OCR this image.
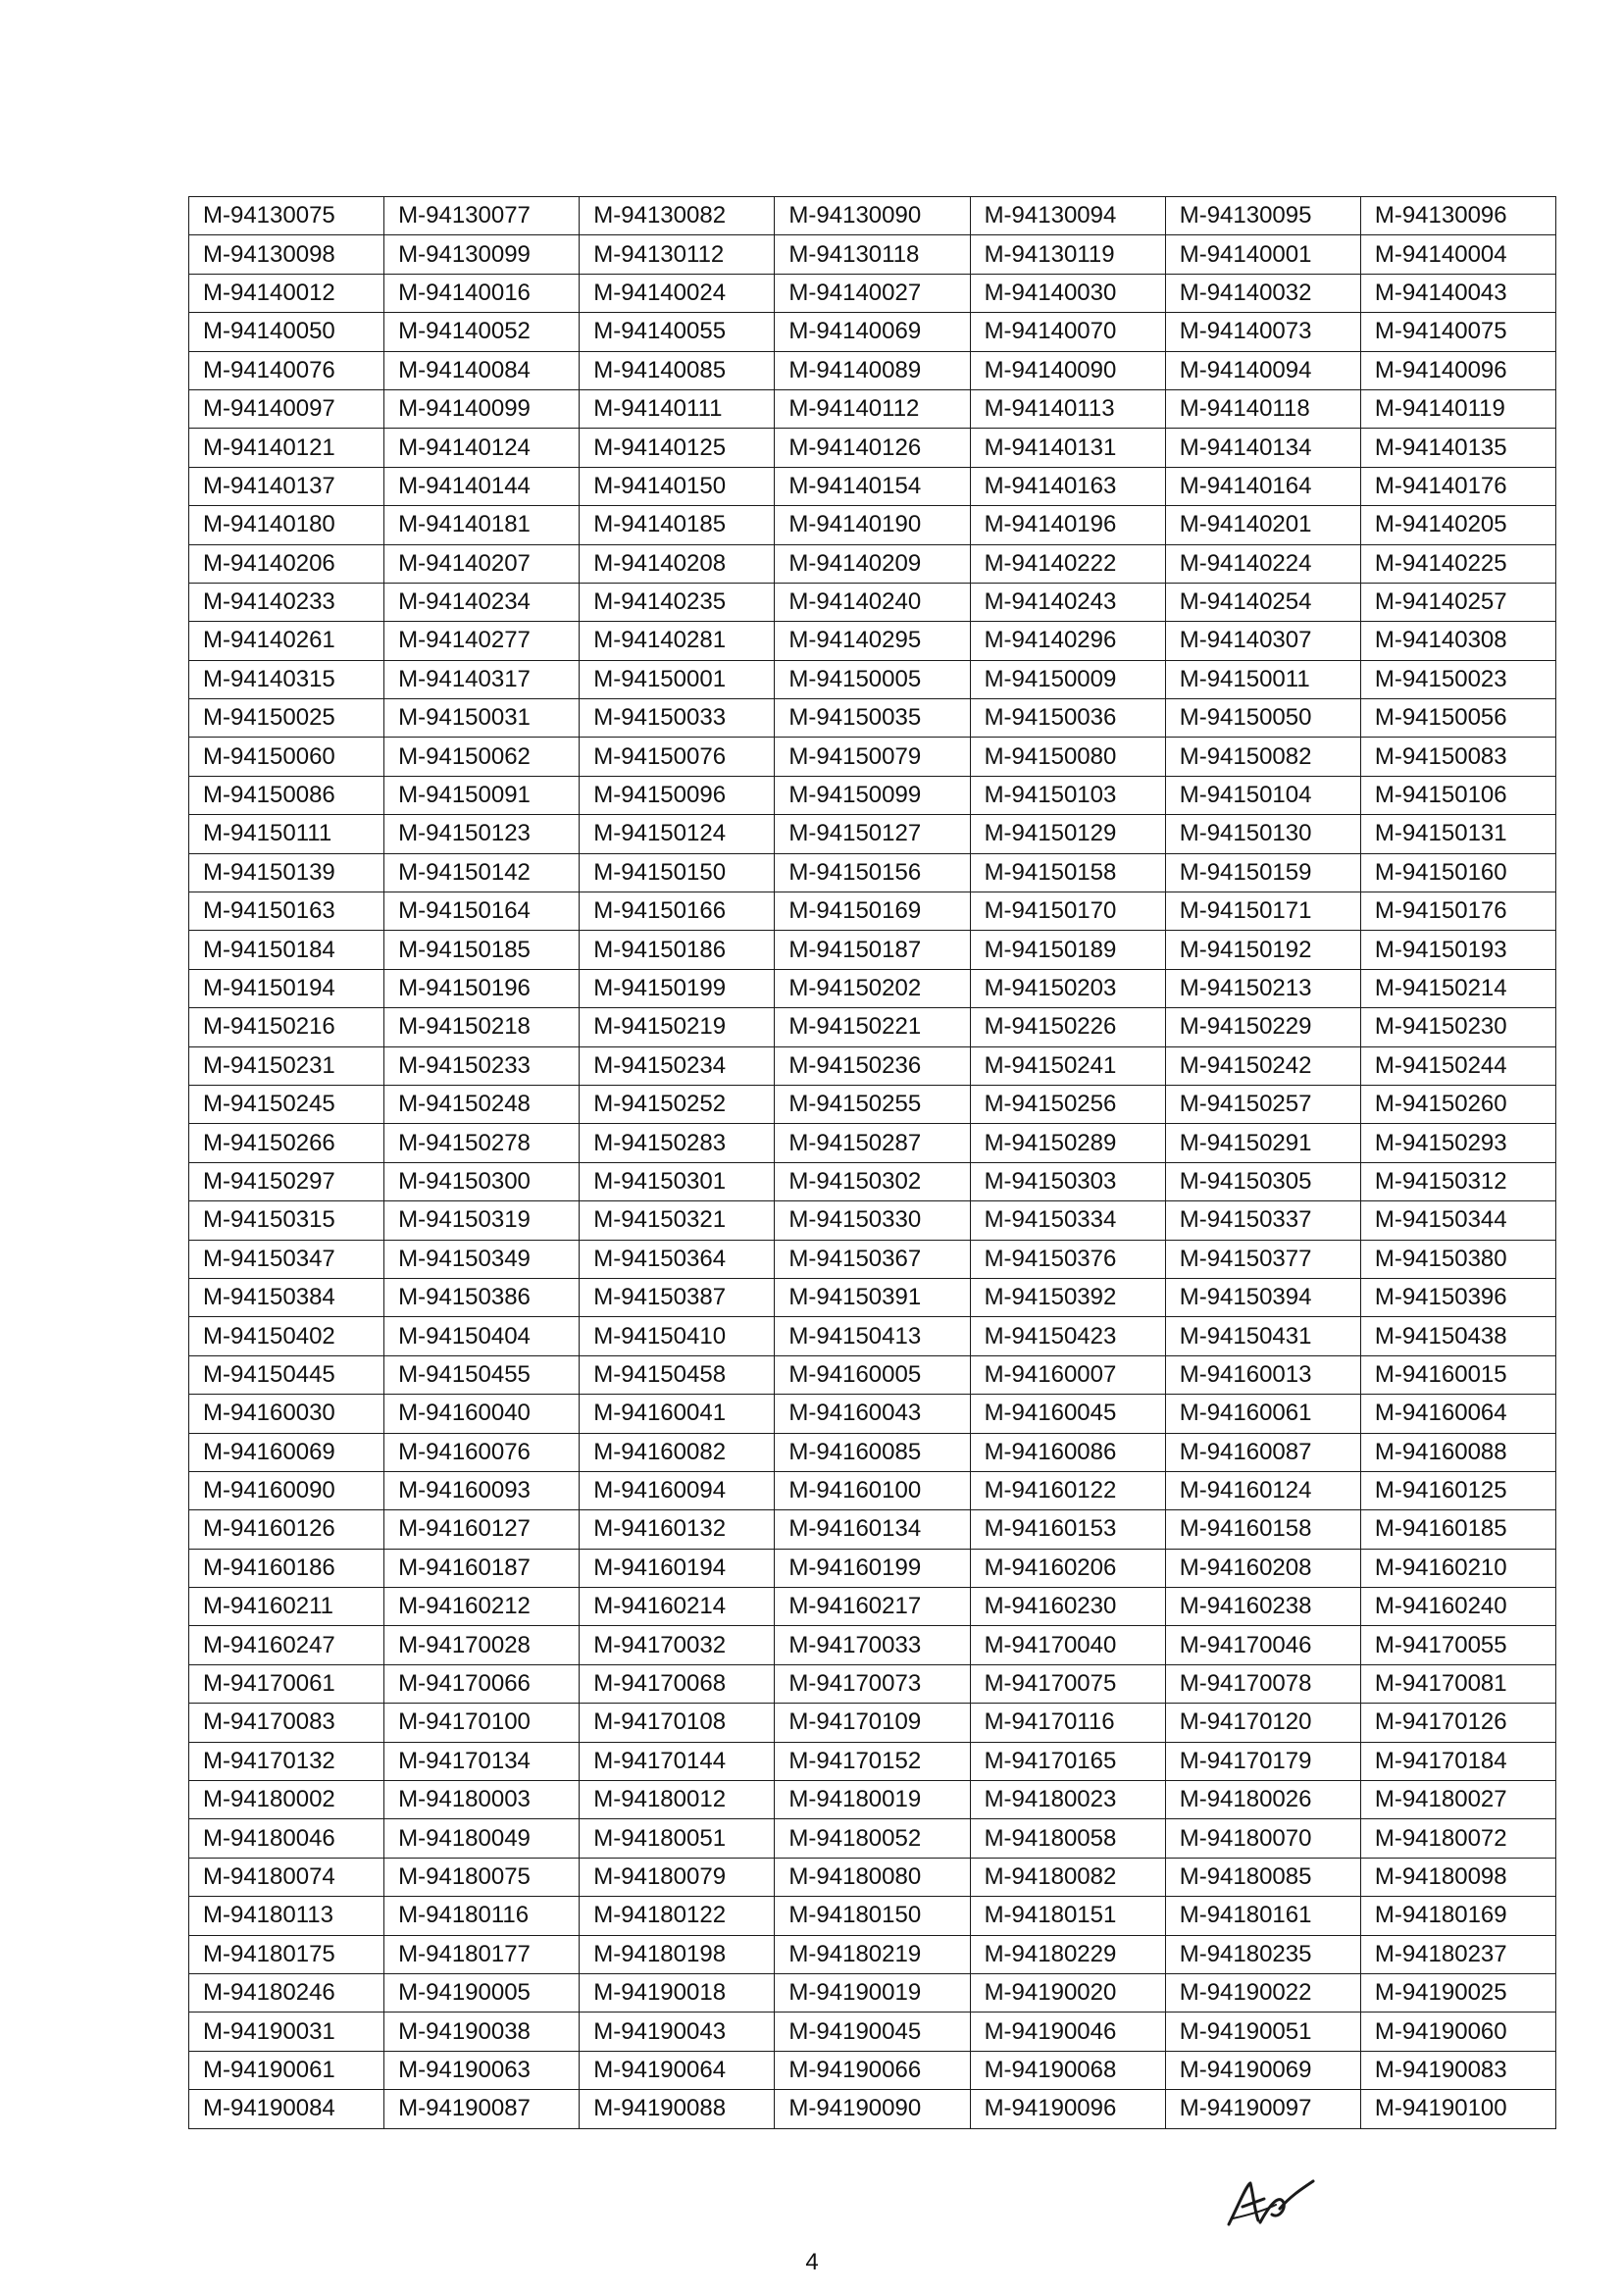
M-94130075	M-94130077	M-94130082	M-94130090	M-94130094	M-94130095	M-94130096
M-94130098	M-94130099	M-94130112	M-94130118	M-94130119	M-94140001	M-94140004
M-94140012	M-94140016	M-94140024	M-94140027	M-94140030	M-94140032	M-94140043
M-94140050	M-94140052	M-94140055	M-94140069	M-94140070	M-94140073	M-94140075
M-94140076	M-94140084	M-94140085	M-94140089	M-94140090	M-94140094	M-94140096
M-94140097	M-94140099	M-94140111	M-94140112	M-94140113	M-94140118	M-94140119
M-94140121	M-94140124	M-94140125	M-94140126	M-94140131	M-94140134	M-94140135
M-94140137	M-94140144	M-94140150	M-94140154	M-94140163	M-94140164	M-94140176
M-94140180	M-94140181	M-94140185	M-94140190	M-94140196	M-94140201	M-94140205
M-94140206	M-94140207	M-94140208	M-94140209	M-94140222	M-94140224	M-94140225
M-94140233	M-94140234	M-94140235	M-94140240	M-94140243	M-94140254	M-94140257
M-94140261	M-94140277	M-94140281	M-94140295	M-94140296	M-94140307	M-94140308
M-94140315	M-94140317	M-94150001	M-94150005	M-94150009	M-94150011	M-94150023
M-94150025	M-94150031	M-94150033	M-94150035	M-94150036	M-94150050	M-94150056
M-94150060	M-94150062	M-94150076	M-94150079	M-94150080	M-94150082	M-94150083
M-94150086	M-94150091	M-94150096	M-94150099	M-94150103	M-94150104	M-94150106
M-94150111	M-94150123	M-94150124	M-94150127	M-94150129	M-94150130	M-94150131
M-94150139	M-94150142	M-94150150	M-94150156	M-94150158	M-94150159	M-94150160
M-94150163	M-94150164	M-94150166	M-94150169	M-94150170	M-94150171	M-94150176
M-94150184	M-94150185	M-94150186	M-94150187	M-94150189	M-94150192	M-94150193
M-94150194	M-94150196	M-94150199	M-94150202	M-94150203	M-94150213	M-94150214
M-94150216	M-94150218	M-94150219	M-94150221	M-94150226	M-94150229	M-94150230
M-94150231	M-94150233	M-94150234	M-94150236	M-94150241	M-94150242	M-94150244
M-94150245	M-94150248	M-94150252	M-94150255	M-94150256	M-94150257	M-94150260
M-94150266	M-94150278	M-94150283	M-94150287	M-94150289	M-94150291	M-94150293
M-94150297	M-94150300	M-94150301	M-94150302	M-94150303	M-94150305	M-94150312
M-94150315	M-94150319	M-94150321	M-94150330	M-94150334	M-94150337	M-94150344
M-94150347	M-94150349	M-94150364	M-94150367	M-94150376	M-94150377	M-94150380
M-94150384	M-94150386	M-94150387	M-94150391	M-94150392	M-94150394	M-94150396
M-94150402	M-94150404	M-94150410	M-94150413	M-94150423	M-94150431	M-94150438
M-94150445	M-94150455	M-94150458	M-94160005	M-94160007	M-94160013	M-94160015
M-94160030	M-94160040	M-94160041	M-94160043	M-94160045	M-94160061	M-94160064
M-94160069	M-94160076	M-94160082	M-94160085	M-94160086	M-94160087	M-94160088
M-94160090	M-94160093	M-94160094	M-94160100	M-94160122	M-94160124	M-94160125
M-94160126	M-94160127	M-94160132	M-94160134	M-94160153	M-94160158	M-94160185
M-94160186	M-94160187	M-94160194	M-94160199	M-94160206	M-94160208	M-94160210
M-94160211	M-94160212	M-94160214	M-94160217	M-94160230	M-94160238	M-94160240
M-94160247	M-94170028	M-94170032	M-94170033	M-94170040	M-94170046	M-94170055
M-94170061	M-94170066	M-94170068	M-94170073	M-94170075	M-94170078	M-94170081
M-94170083	M-94170100	M-94170108	M-94170109	M-94170116	M-94170120	M-94170126
M-94170132	M-94170134	M-94170144	M-94170152	M-94170165	M-94170179	M-94170184
M-94180002	M-94180003	M-94180012	M-94180019	M-94180023	M-94180026	M-94180027
M-94180046	M-94180049	M-94180051	M-94180052	M-94180058	M-94180070	M-94180072
M-94180074	M-94180075	M-94180079	M-94180080	M-94180082	M-94180085	M-94180098
M-94180113	M-94180116	M-94180122	M-94180150	M-94180151	M-94180161	M-94180169
M-94180175	M-94180177	M-94180198	M-94180219	M-94180229	M-94180235	M-94180237
M-94180246	M-94190005	M-94190018	M-94190019	M-94190020	M-94190022	M-94190025
M-94190031	M-94190038	M-94190043	M-94190045	M-94190046	M-94190051	M-94190060
M-94190061	M-94190063	M-94190064	M-94190066	M-94190068	M-94190069	M-94190083
M-94190084	M-94190087	M-94190088	M-94190090	M-94190096	M-94190097	M-94190100
4
